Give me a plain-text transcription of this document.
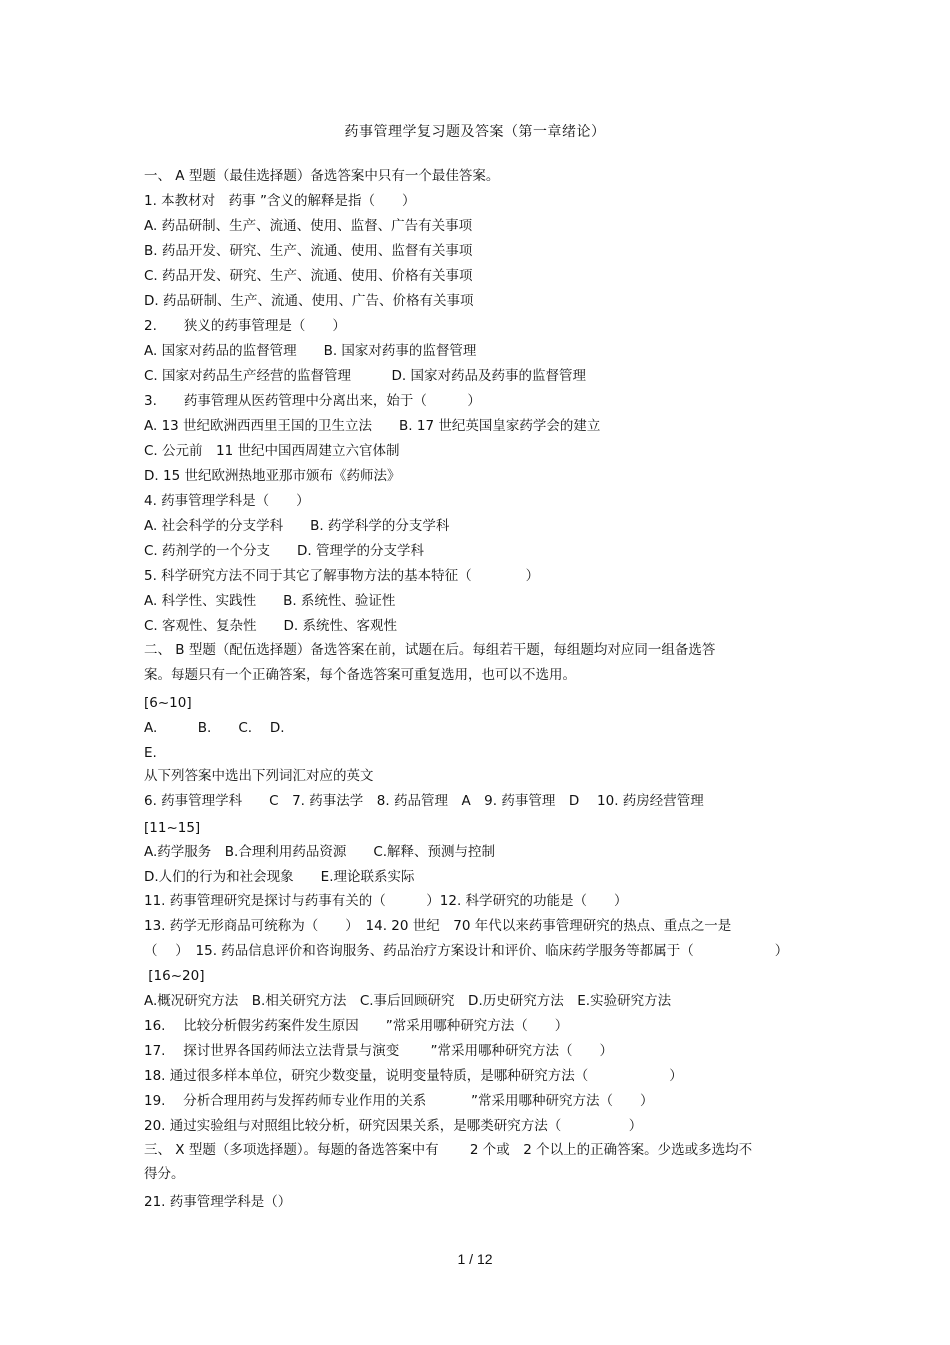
药事管理学复习题及答案（第一章绪论）
一、 A 型题（最佳选择题）备选答案中只有一个最佳答案。
1. 本教材对　药事 ”含义的解释是指（　　）
A. 药品研制、生产、流通、使用、监督、广告有关事项
B. 药品开发、研究、生产、流通、使用、监督有关事项
C. 药品开发、研究、生产、流通、使用、价格有关事项
D. 药品研制、生产、流通、使用、广告、价格有关事项
2.　　狭义的药事管理是（　　）
A. 国家对药品的监督管理　　B. 国家对药事的监督管理
C. 国家对药品生产经营的监督管理　　　D. 国家对药品及药事的监督管理
3.　　药事管理从医药管理中分离出来，始于（　　　）
A. 13 世纪欧洲西西里王国的卫生立法　　B. 17 世纪英国皇家药学会的建立
C. 公元前　11 世纪中国西周建立六官体制
D. 15 世纪欧洲热地亚那市颁布《药师法》
4. 药事管理学科是（　　）
A. 社会科学的分支学科　　B. 药学科学的分支学科
C. 药剂学的一个分支　　D. 管理学的分支学科
5. 科学研究方法不同于其它了解事物方法的基本特征（　　　　）
A. 科学性、实践性　　B. 系统性、验证性
C. 客观性、复杂性　　D. 系统性、客观性
二、 B 型题（配伍选择题）备选答案在前，试题在后。每组若干题，每组题均对应同一组备选答
案。每题只有一个正确答案，每个备选答案可重复选用，也可以不选用。
[6~10]
A.　　　B.　　C.　 D.
E.
从下列答案中选出下列词汇对应的英文
6. 药事管理学科　　C　7. 药事法学　8. 药品管理　A　9. 药事管理　D　 10. 药房经营管理
[11~15]
A.药学服务　B.合理利用药品资源　　C.解释、预测与控制
D.人们的行为和社会现象　　E.理论联系实际
11. 药事管理研究是探讨与药事有关的（　　　）12. 科学研究的功能是（　　）
13. 药学无形商品可统称为（　　）　14. 20 世纪　70 年代以来药事管理研究的热点、重点之一是
（　 ）　15. 药品信息评价和咨询服务、药品治疗方案设计和评价、临床药学服务等都属于（　　　　　　）
[16~20]
A.概况研究方法　B.相关研究方法　C.事后回顾研究　D.历史研究方法　E.实验研究方法
16.　 比较分析假劣药案件发生原因　　”常采用哪种研究方法（　　）
17.　 探讨世界各国药师法立法背景与演变　　 ”常采用哪种研究方法（　　）
18. 通过很多样本单位，研究少数变量，说明变量特质，是哪种研究方法（　　　　　　）
19.　 分析合理用药与发挥药师专业作用的关系　　　 ”常采用哪种研究方法（　　）
20. 通过实验组与对照组比较分析，研究因果关系，是哪类研究方法（　　　　　）
三、 X 型题（多项选择题）。每题的备选答案中有　　 2 个或　2 个以上的正确答案。少选或多选均不
得分。
21. 药事管理学科是（）
1 / 12
